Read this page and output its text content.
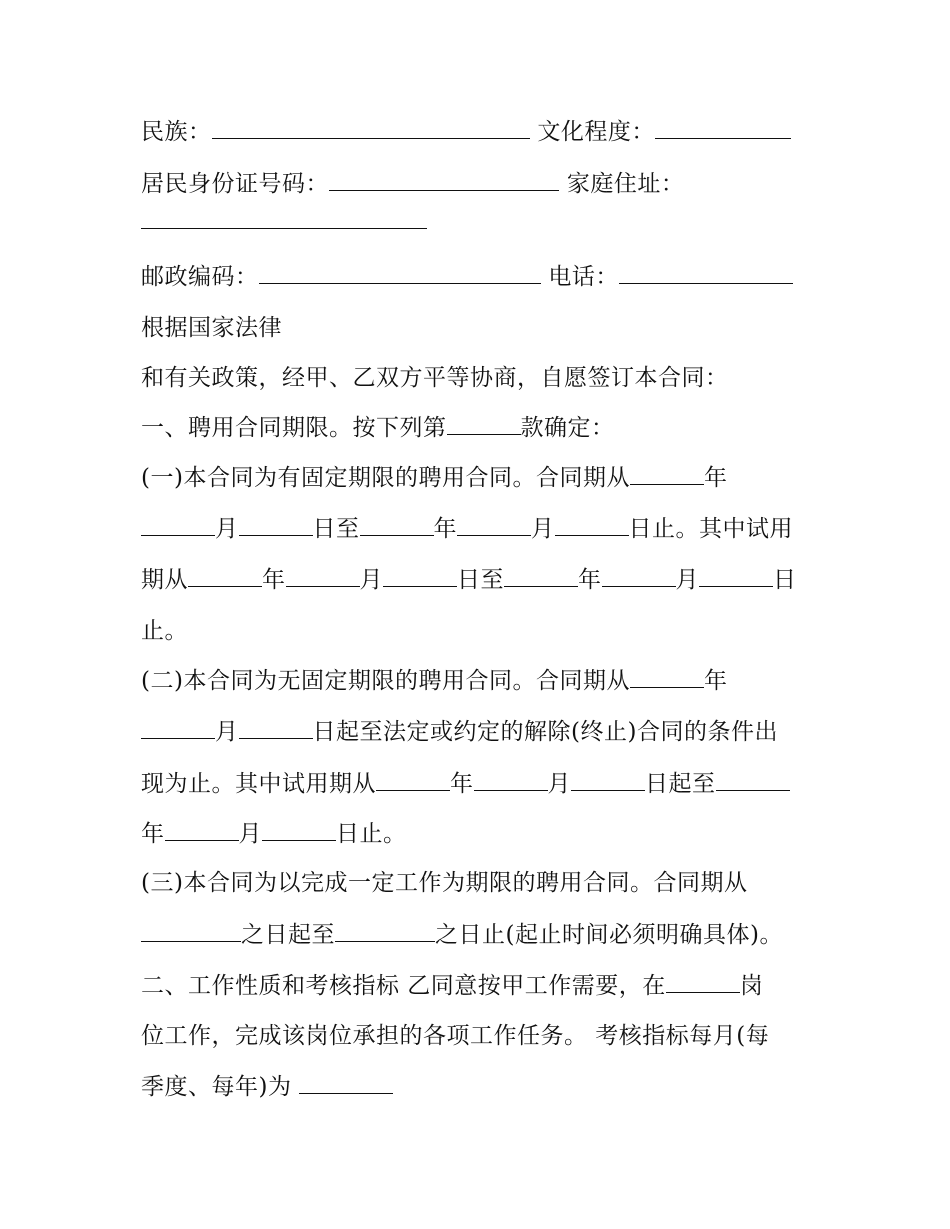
民族：	文化程度：
居民身份证号码：	家庭住址：
邮政编码：	电话：
根据国家法律
和有关政策，经甲、乙双方平等协商，自愿签订本合同：
一、聘用合同期限。按下列第	款确定：
(一)本合同为有固定期限的聘用合同。合同期从	年
月	日至	年	月	日止。其中试用
期从	年	月	日至	年	月	日
止。
(二)本合同为无固定期限的聘用合同。合同期从	年
月	日起至法定或约定的解除(终止)合同的条件出
现为止。其中试用期从	年	月	日起至
年	月	日止。
(三)本合同为以完成一定工作为期限的聘用合同。合同期从
之日起至	之日止(起止时间必须明确具体)。
二、工作性质和考核指标 乙同意按甲工作需要，在	岗
位工作，完成该岗位承担的各项工作任务。 考核指标每月(每
季度、每年)为
